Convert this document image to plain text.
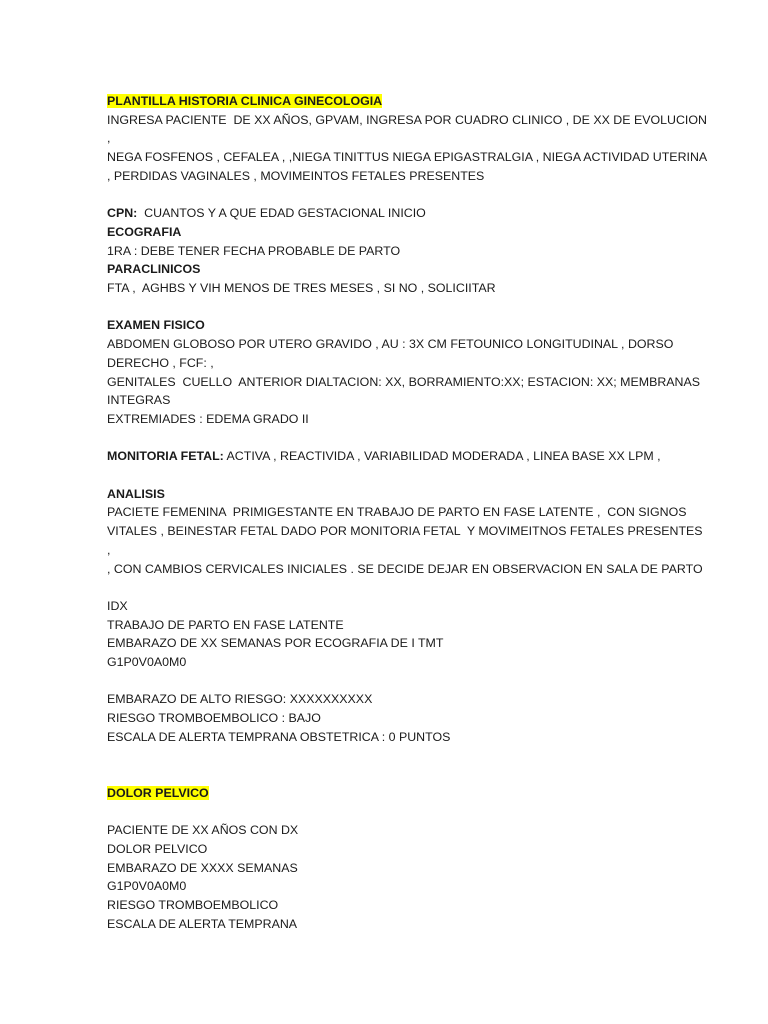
PLANTILLA HISTORIA CLINICA GINECOLOGIA
INGRESA PACIENTE  DE XX AÑOS, GPVAM, INGRESA POR CUADRO CLINICO , DE XX DE EVOLUCION ,
NEGA FOSFENOS , CEFALEA , ,NIEGA TINITTUS NIEGA EPIGASTRALGIA , NIEGA ACTIVIDAD UTERINA
, PERDIDAS VAGINALES , MOVIMEINTOS FETALES PRESENTES
CPN:  CUANTOS Y A QUE EDAD GESTACIONAL INICIO
ECOGRAFIA
1RA : DEBE TENER FECHA PROBABLE DE PARTO
PARACLINICOS
FTA ,  AGHBS Y VIH MENOS DE TRES MESES , SI NO , SOLICIITAR
EXAMEN FISICO
ABDOMEN GLOBOSO POR UTERO GRAVIDO , AU : 3X CM FETOUNICO LONGITUDINAL , DORSO
DERECHO , FCF: ,
GENITALES  CUELLO  ANTERIOR DIALTACION: XX, BORRAMIENTO:XX; ESTACION: XX; MEMBRANAS
INTEGRAS
EXTREMIADES : EDEMA GRADO II
MONITORIA FETAL: ACTIVA , REACTIVIDA , VARIABILIDAD MODERADA , LINEA BASE XX LPM ,
ANALISIS
PACIETE FEMENINA  PRIMIGESTANTE EN TRABAJO DE PARTO EN FASE LATENTE ,  CON SIGNOS
VITALES , BEINESTAR FETAL DADO POR MONITORIA FETAL  Y MOVIMEITNOS FETALES PRESENTES ,
, CON CAMBIOS CERVICALES INICIALES . SE DECIDE DEJAR EN OBSERVACION EN SALA DE PARTO
IDX
TRABAJO DE PARTO EN FASE LATENTE
EMBARAZO DE XX SEMANAS POR ECOGRAFIA DE I TMT
G1P0V0A0M0
EMBARAZO DE ALTO RIESGO: XXXXXXXXXX
RIESGO TROMBOEMBOLICO : BAJO
ESCALA DE ALERTA TEMPRANA OBSTETRICA : 0 PUNTOS
DOLOR PELVICO
PACIENTE DE XX AÑOS CON DX
DOLOR PELVICO
EMBARAZO DE XXXX SEMANAS
G1P0V0A0M0
RIESGO TROMBOEMBOLICO
ESCALA DE ALERTA TEMPRANA
